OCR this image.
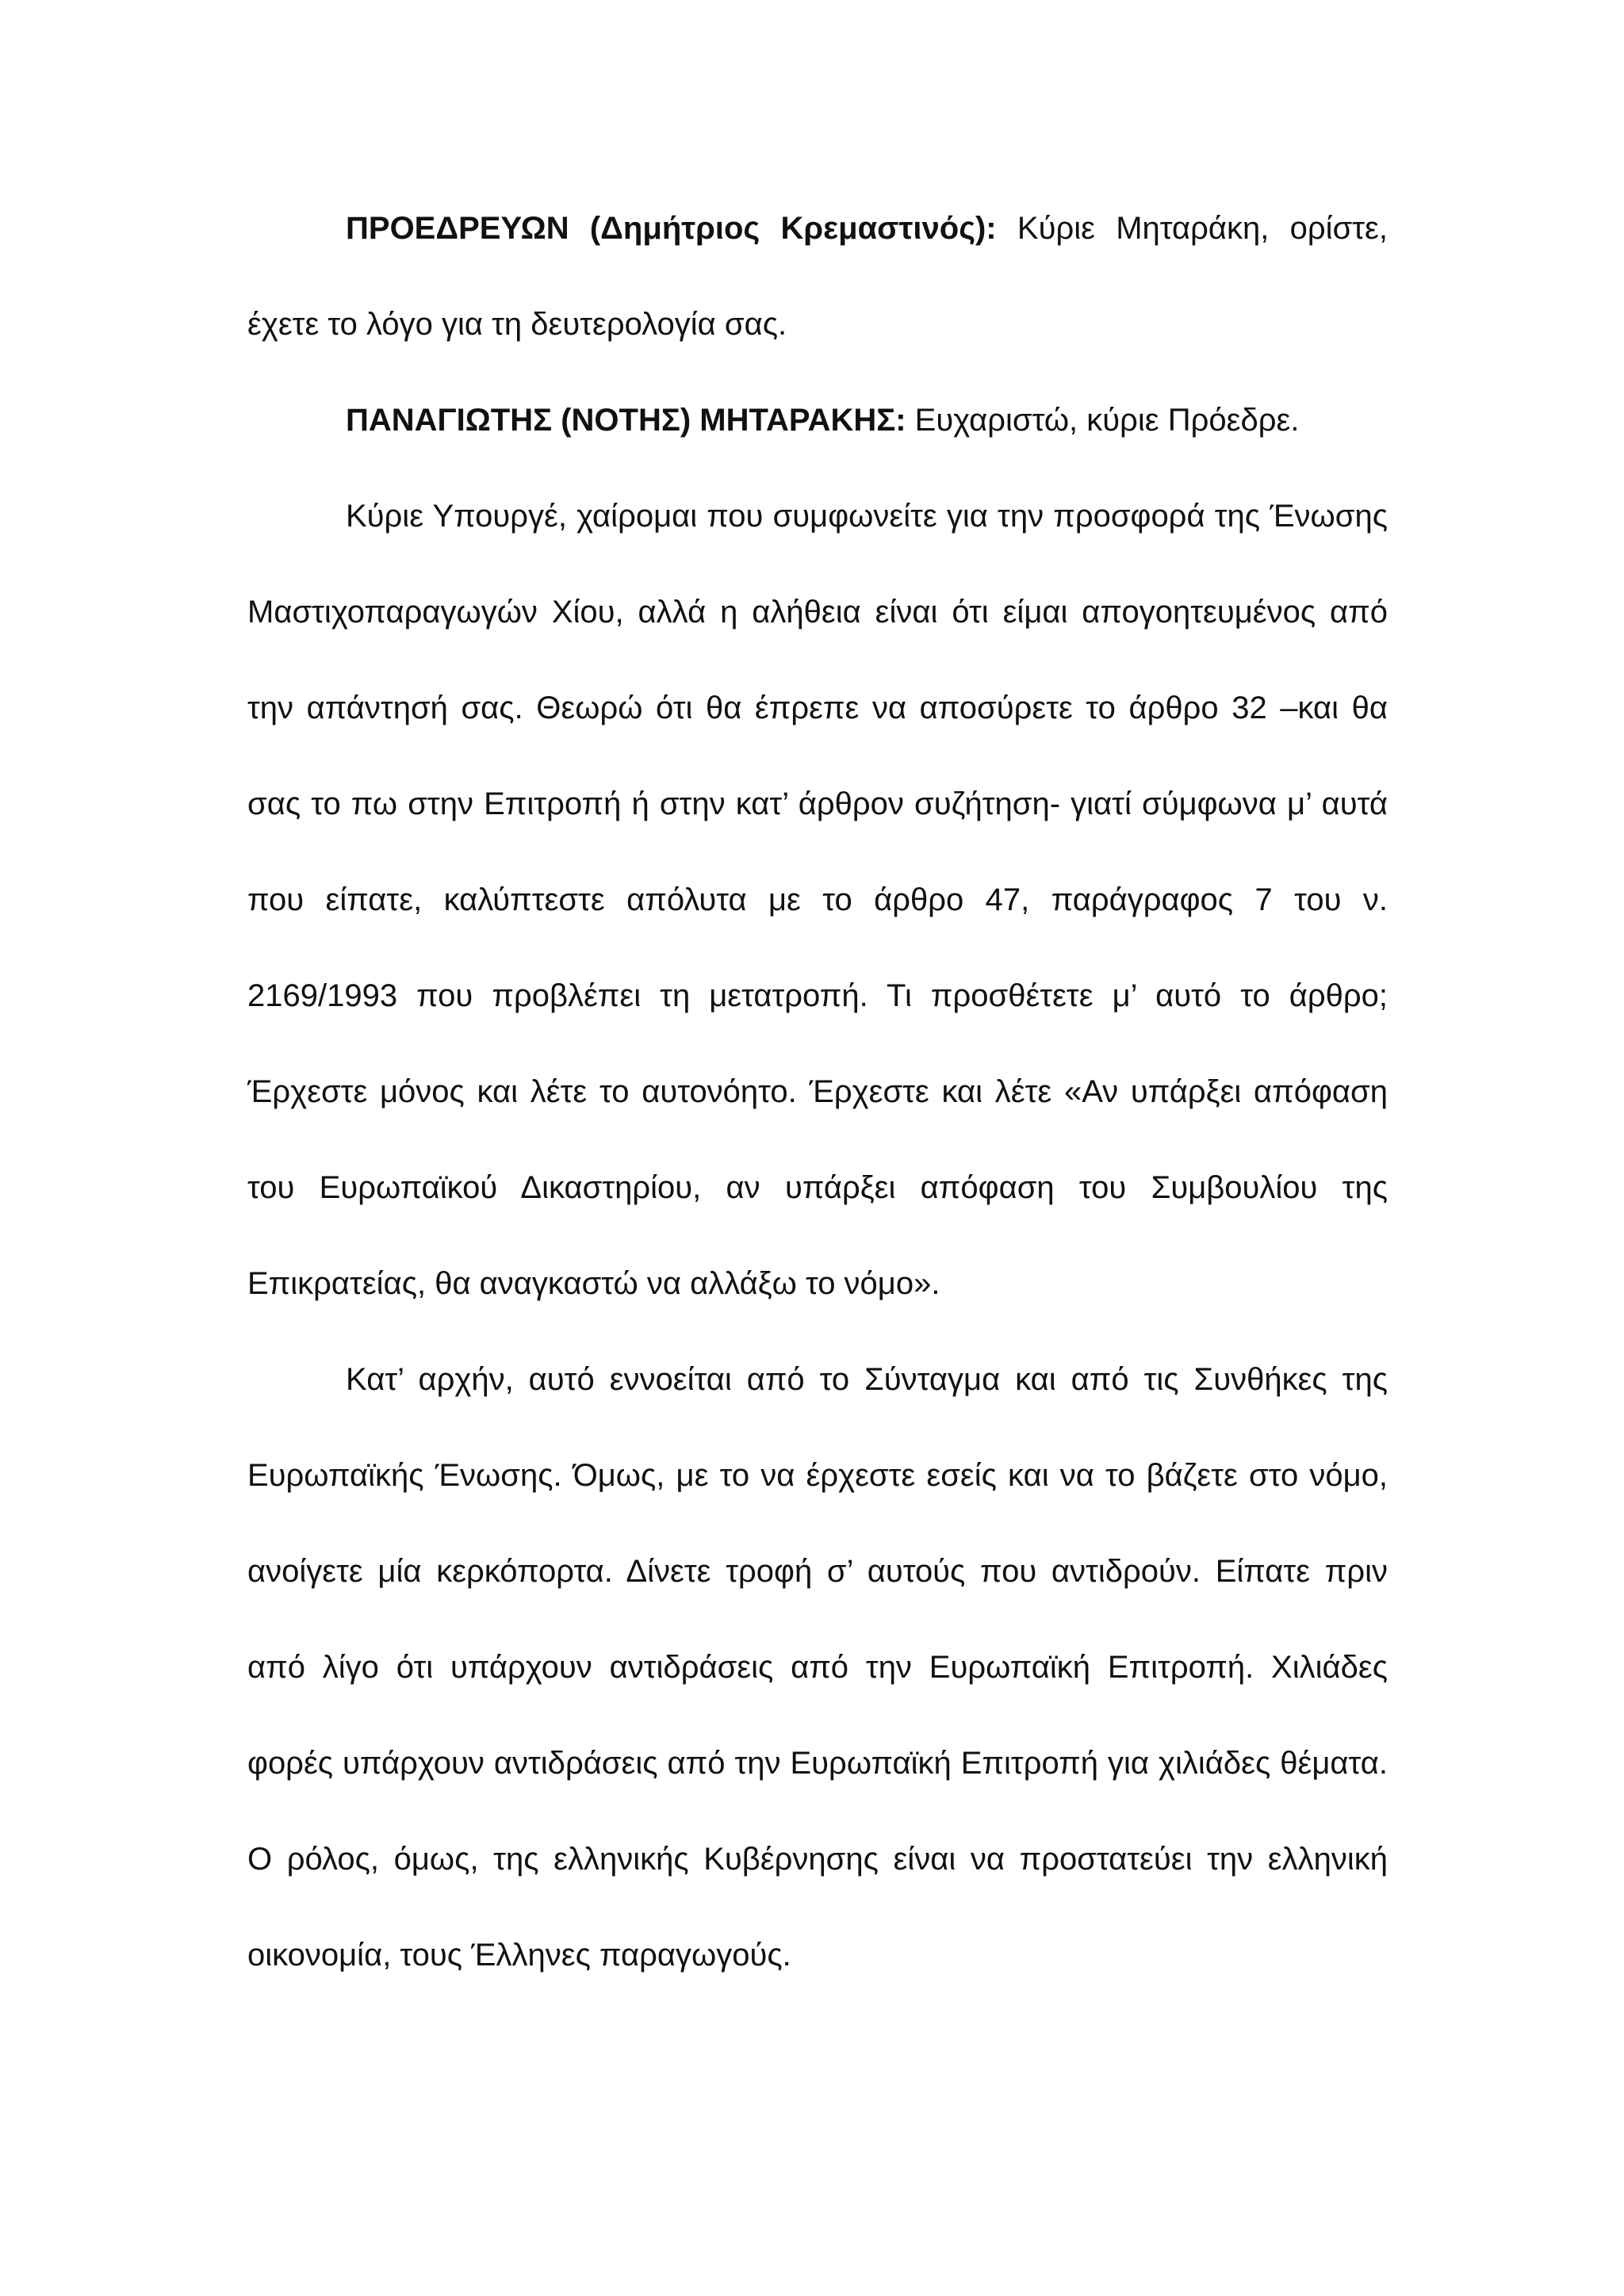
ΠΡΟΕΔΡΕΥΩΝ (Δημήτριος Κρεμαστινός): Κύριε Μηταράκη, ορίστε, έχετε το λόγο για τη δευτερολογία σας.

ΠΑΝΑΓΙΩΤΗΣ (ΝΟΤΗΣ) ΜΗΤΑΡΑΚΗΣ: Ευχαριστώ, κύριε Πρόεδρε.

Κύριε Υπουργέ, χαίρομαι που συμφωνείτε για την προσφορά της Ένωσης Μαστιχοπαραγωγών Χίου, αλλά η αλήθεια είναι ότι είμαι απογοητευμένος από την απάντησή σας. Θεωρώ ότι θα έπρεπε να αποσύρετε το άρθρο 32 –και θα σας το πω στην Επιτροπή ή στην κατ’ άρθρον συζήτηση- γιατί σύμφωνα μ’ αυτά που είπατε, καλύπτεστε απόλυτα με το άρθρο 47, παράγραφος 7 του ν. 2169/1993 που προβλέπει τη μετατροπή. Τι προσθέτετε μ’ αυτό το άρθρο; Έρχεστε μόνος και λέτε το αυτονόητο. Έρχεστε και λέτε «Αν υπάρξει απόφαση του Ευρωπαϊκού Δικαστηρίου, αν υπάρξει απόφαση του Συμβουλίου της Επικρατείας, θα αναγκαστώ να αλλάξω το νόμο».

Κατ’ αρχήν, αυτό εννοείται από το Σύνταγμα και από τις Συνθήκες της Ευρωπαϊκής Ένωσης. Όμως, με το να έρχεστε εσείς και να το βάζετε στο νόμο, ανοίγετε μία κερκόπορτα. Δίνετε τροφή σ’ αυτούς που αντιδρούν. Είπατε πριν από λίγο ότι υπάρχουν αντιδράσεις από την Ευρωπαϊκή Επιτροπή. Χιλιάδες φορές υπάρχουν αντιδράσεις από την Ευρωπαϊκή Επιτροπή για χιλιάδες θέματα. Ο ρόλος, όμως, της ελληνικής Κυβέρνησης είναι να προστατεύει την ελληνική οικονομία, τους Έλληνες παραγωγούς.
